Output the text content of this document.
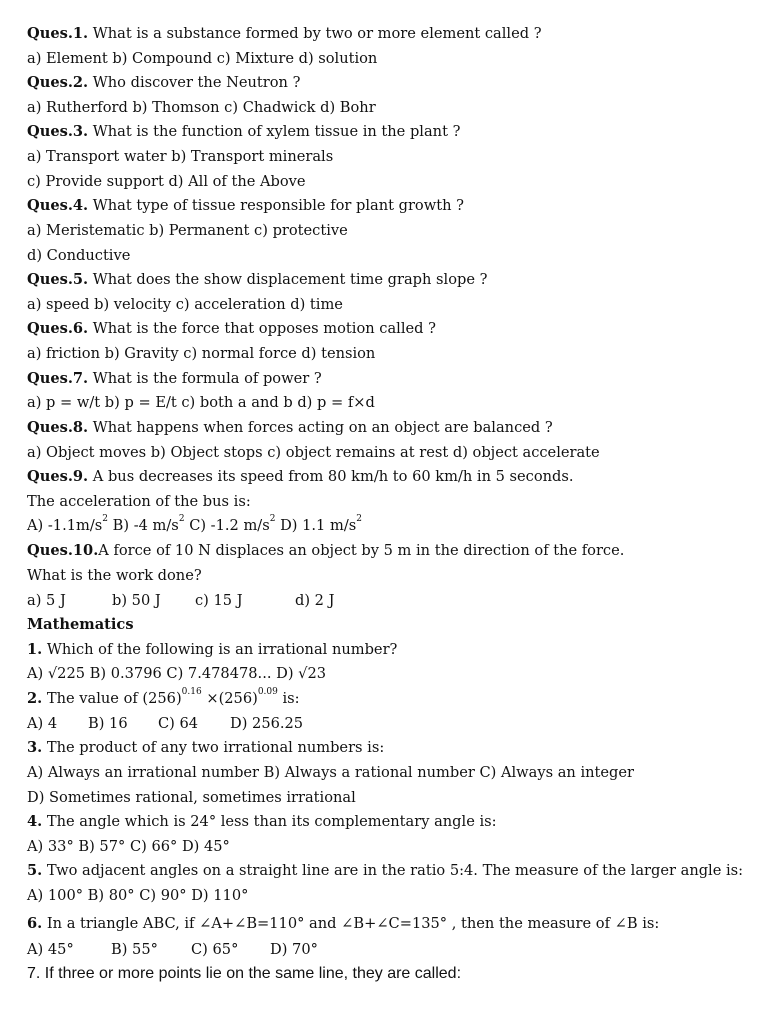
Ques.1. What is a substance formed by two or more element called ?
a) Element b) Compound c) Mixture d) solution
Ques.2. Who discover the Neutron ?
a) Rutherford b) Thomson c) Chadwick d) Bohr
Ques.3. What is the function of xylem tissue in the plant ?
a) Transport water b) Transport minerals
c) Provide support d) All of the Above
Ques.4. What type of tissue responsible for plant growth ?
a) Meristematic b) Permanent c) protective
d) Conductive
Ques.5. What does the show displacement time graph slope ?
a) speed b) velocity c) acceleration d) time
Ques.6. What is the force that opposes motion called ?
a) friction b) Gravity c) normal force d) tension
Ques.7. What is the formula of power ?
a) p = w/t b) p = E/t c) both a and b d) p = f×d
Ques.8. What happens when forces acting on an object are balanced ?
a) Object moves b) Object stops c) object remains at rest d) object accelerate
Ques.9. A bus decreases its speed from 80 km/h to 60 km/h in 5 seconds.
The acceleration of the bus is:
A) $-1.1m/s^2$ B) -4 $m/s^2$ C) -1.2 $m/s^2$ D) 1.1 $m/s^2$
Ques.10.A force of 10 N displaces an object by 5 m in the direction of the force.
What is the work done?
a) 5 J	b) 50 J c) 15 J	d) 2 J
Mathematics
1. Which of the following is an irrational number?
A) √225 B) 0.3796 C) 7.478478... D) √23
2. The value of $(256)^{0.16} \times(256)^{0.09}$ is:
A) 4 B) 16 C) 64 D) 256.25
3. The product of any two irrational numbers is:
A) Always an irrational number B) Always a rational number C) Always an integer
D) Sometimes rational, sometimes irrational
4. The angle which is 24° less than its complementary angle is:
A) 33° B) 57° C) 66° D) 45°
5. Two adjacent angles on a straight line are in the ratio 5:4. The measure of the larger angle is:
A) 100° B) 80° C) 90° D) 110°
6. In a triangle ABC, if ∠A+∠B=110° and ∠B+∠C=135° , then the measure of ∠B is:
A) 45°	B) 55° C) 65° D) 70°
7. If three or more points lie on the same line, they are called:
